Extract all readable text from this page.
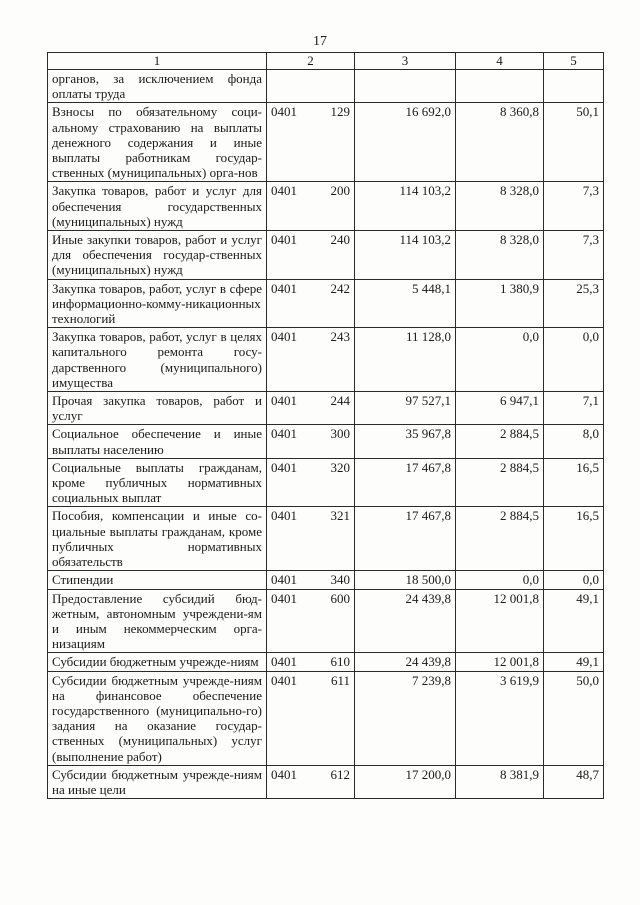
17
1	2	3	4	5
органов, за исключением фонда оплаты труда	

Взносы по обязательному соци-альному страхованию на выплаты денежного содержания и иные выплаты работникам государ-ственных (муниципальных) орга-нов	0401 129	16 692,0	8 360,8	50,1
Закупка товаров, работ и услуг для обеспечения государственных (муниципальных) нужд	0401 200	114 103,2	8 328,0	7,3
Иные закупки товаров, работ и услуг для обеспечения государ-ственных (муниципальных) нужд	0401 240	114 103,2	8 328,0	7,3
Закупка товаров, работ, услуг в сфере информационно-комму-никационных технологий	0401 242	5 448,1	1 380,9	25,3
Закупка товаров, работ, услуг в целях капитального ремонта госу-дарственного (муниципального) имущества	0401 243	11 128,0	0,0	0,0
Прочая закупка товаров, работ и услуг	0401 244	97 527,1	6 947,1	7,1
Социальное обеспечение и иные выплаты населению	0401 300	35 967,8	2 884,5	8,0
Социальные выплаты гражданам, кроме публичных нормативных социальных выплат	0401 320	17 467,8	2 884,5	16,5
Пособия, компенсации и иные со-циальные выплаты гражданам, кроме публичных нормативных обязательств	0401 321	17 467,8	2 884,5	16,5
Стипендии	0401 340	18 500,0	0,0	0,0
Предоставление субсидий бюд-жетным, автономным учреждени-ям и иным некоммерческим орга-низациям	0401 600	24 439,8	12 001,8	49,1
Субсидии бюджетным учрежде-ниям	0401 610	24 439,8	12 001,8	49,1
Субсидии бюджетным учрежде-ниям на финансовое обеспечение государственного (муниципально-го) задания на оказание государ-ственных (муниципальных) услуг (выполнение работ)	0401 611	7 239,8	3 619,9	50,0
Субсидии бюджетным учрежде-ниям на иные цели	0401 612	17 200,0	8 381,9	48,7
